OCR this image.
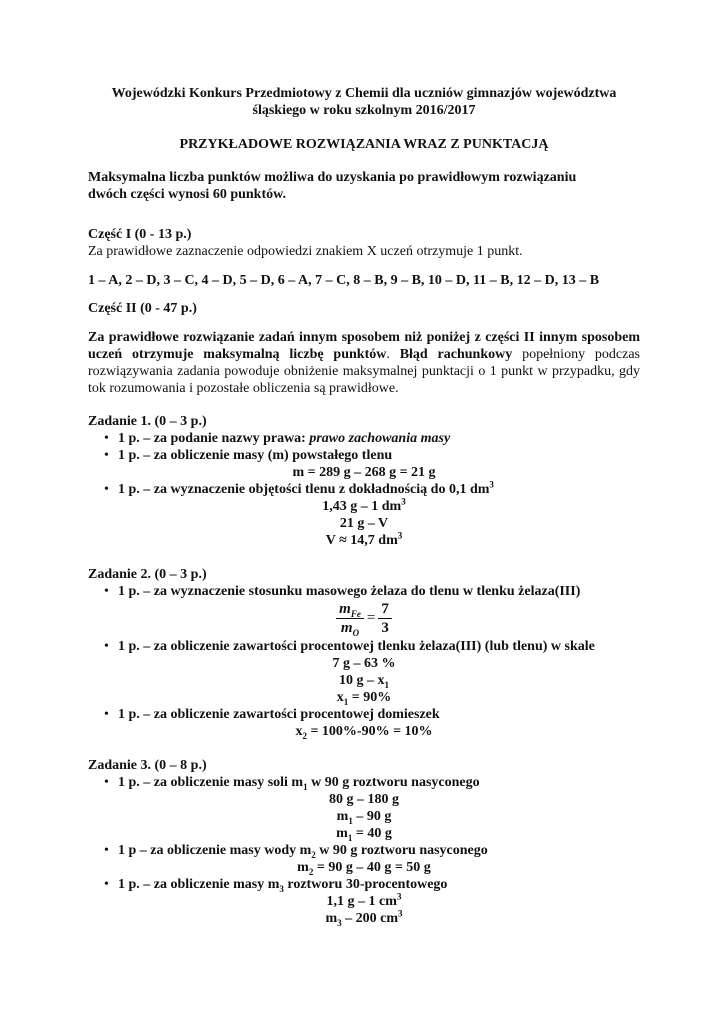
Wojewódzki Konkurs Przedmiotowy z Chemii dla uczniów gimnazjów województwa
śląskiego w roku szkolnym 2016/2017
PRZYKŁADOWE ROZWIĄZANIA WRAZ Z PUNKTACJĄ
Maksymalna liczba punktów możliwa do uzyskania po prawidłowym rozwiązaniu
dwóch części wynosi 60 punktów.
Część I (0 - 13 p.)
Za prawidłowe zaznaczenie odpowiedzi znakiem X uczeń otrzymuje 1 punkt.
1 – A, 2 – D, 3 – C, 4 – D, 5 – D, 6 – A, 7 – C, 8 – B, 9 – B, 10 – D, 11 – B, 12 – D, 13 – B
Część II (0 - 47 p.)
Za prawidłowe rozwiązanie zadań innym sposobem niż poniżej z części II innym sposobem uczeń otrzymuje maksymalną liczbę punktów. Błąd rachunkowy popełniony podczas rozwiązywania zadania powoduje obniżenie maksymalnej punktacji o 1 punkt w przypadku, gdy tok rozumowania i pozostałe obliczenia są prawidłowe.
Zadanie 1. (0 – 3 p.)
• 1 p. – za podanie nazwy prawa: prawo zachowania masy
• 1 p. – za obliczenie masy (m) powstałego tlenu
m = 289 g – 268 g = 21 g
• 1 p. – za wyznaczenie objętości tlenu z dokładnością do 0,1 $dm^3$
1,43 g – 1 $dm^3$
21 g – V
V ≈ 14,7 $dm^3$
Zadanie 2. (0 – 3 p.)
• 1 p. – za wyznaczenie stosunku masowego żelaza do tlenu w tlenku żelaza(III)
$\frac{m_{Fe}}{m_O} = \frac{7}{3}$
• 1 p. – za obliczenie zawartości procentowej tlenku żelaza(III) (lub tlenu) w skale
7 g – 63 %
10 g – $x_1$
$x_1 = 90\%$
• 1 p. – za obliczenie zawartości procentowej domieszek
$x_2 = 100\%-90\% = 10\%$
Zadanie 3. (0 – 8 p.)
• 1 p. – za obliczenie masy soli $m_1$ w 90 g roztworu nasyconego
80 g – 180 g
$m_1 - 90$ g
$m_1 = 40$ g
• 1 p – za obliczenie masy wody $m_2$ w 90 g roztworu nasyconego
$m_2 = 90$ g – 40 g = 50 g
• 1 p. – za obliczenie masy $m_3$ roztworu 30-procentowego
1,1 g – 1 $cm^3$
$m_3 - 200$ $cm^3$
